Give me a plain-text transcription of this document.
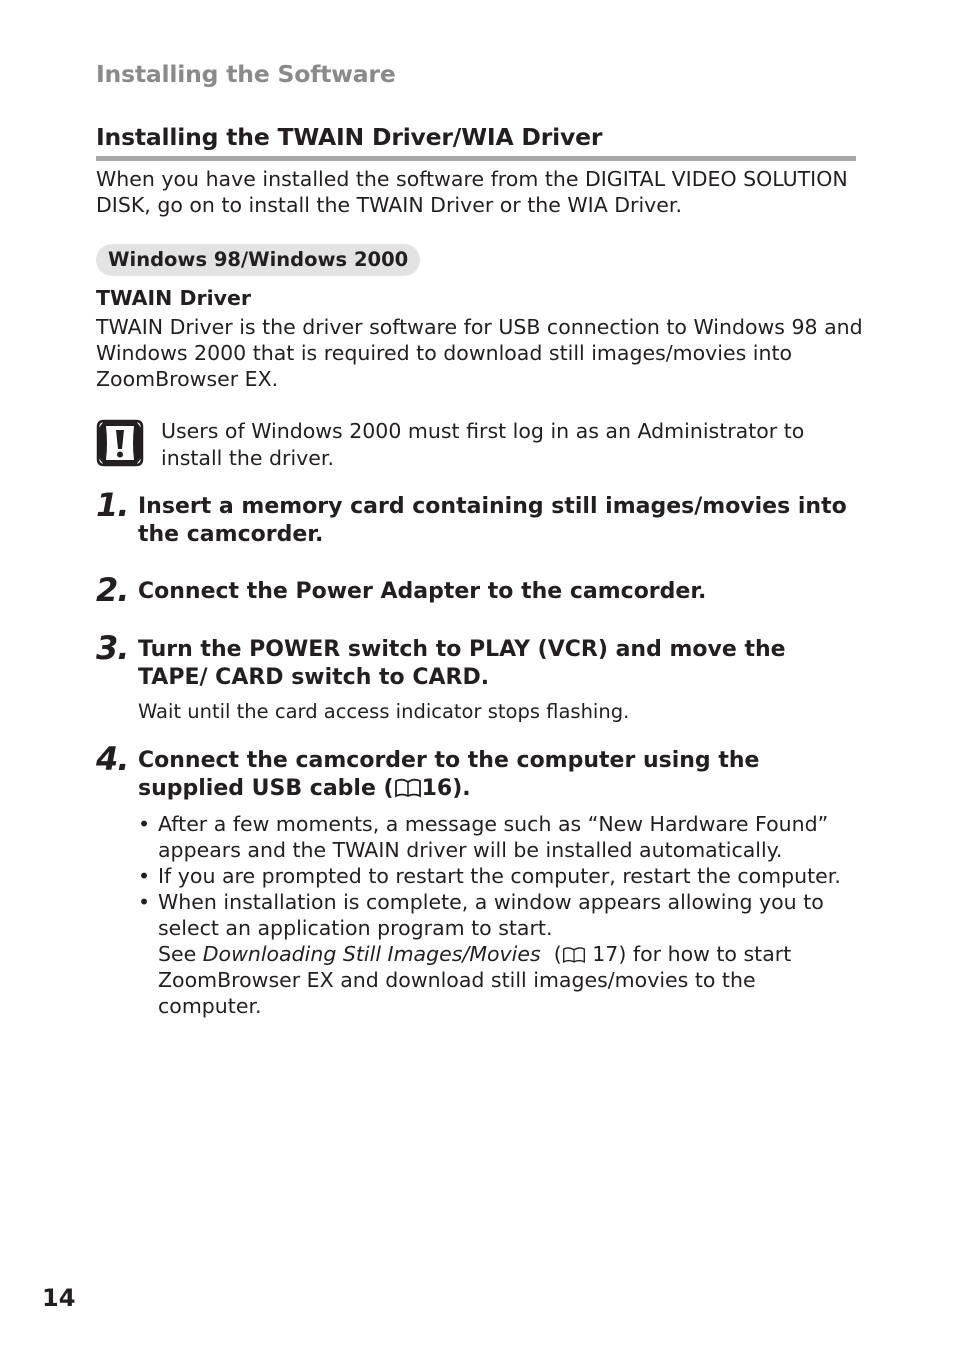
Installing the Software
Installing the TWAIN Driver/WIA Driver
When you have installed the software from the DIGITAL VIDEO SOLUTION DISK, go on to install the TWAIN Driver or the WIA Driver.
Windows 98/Windows 2000
TWAIN Driver
TWAIN Driver is the driver software for USB connection to Windows 98 and Windows 2000 that is required to download still images/movies into ZoomBrowser EX.
Users of Windows 2000 must first log in as an Administrator to install the driver.
1. Insert a memory card containing still images/movies into the camcorder.
2. Connect the Power Adapter to the camcorder.
3. Turn the POWER switch to PLAY (VCR) and move the TAPE/ CARD switch to CARD.
Wait until the card access indicator stops flashing.
4. Connect the camcorder to the computer using the supplied USB cable ( 16).
• After a few moments, a message such as “New Hardware Found” appears and the TWAIN driver will be installed automatically.
• If you are prompted to restart the computer, restart the computer.
• When installation is complete, a window appears allowing you to select an application program to start.
See Downloading Still Images/Movies ( 17) for how to start ZoomBrowser EX and download still images/movies to the computer.
14
